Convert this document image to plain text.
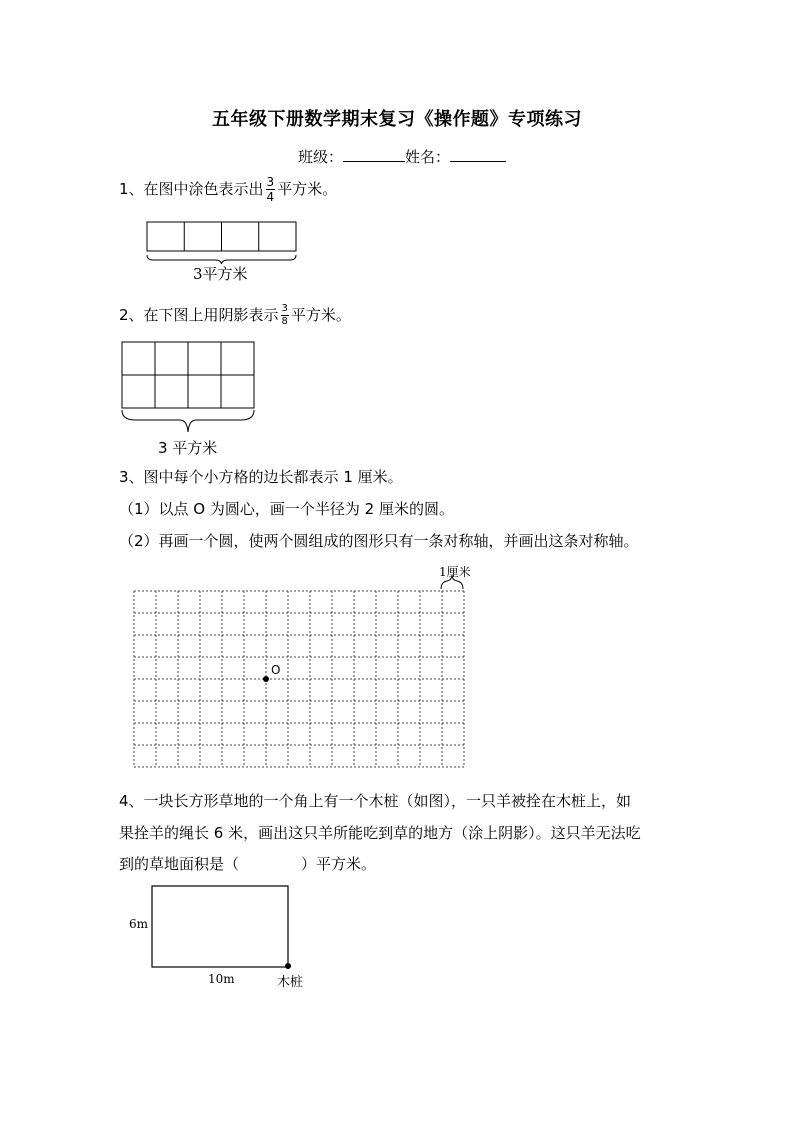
五年级下册数学期末复习《操作题》专项练习
班级：	姓名：
1、在图中涂色表示出 $\frac{3}{4}$ 平方米。
3平方米
2、在下图上用阴影表示 $\frac{3}{8}$ 平方米。
3 平方米
3、图中每个小方格的边长都表示 1 厘米。
（1）以点 O 为圆心，画一个半径为 2 厘米的圆。
（2）再画一个圆，使两个圆组成的图形只有一条对称轴，并画出这条对称轴。
1厘米
O
4、一块长方形草地的一个角上有一个木桩（如图），一只羊被拴在木桩上，如
果拴羊的绳长 6 米，画出这只羊所能吃到草的地方（涂上阴影）。这只羊无法吃
到的草地面积是（	）平方米。
6m
10m	木桩
